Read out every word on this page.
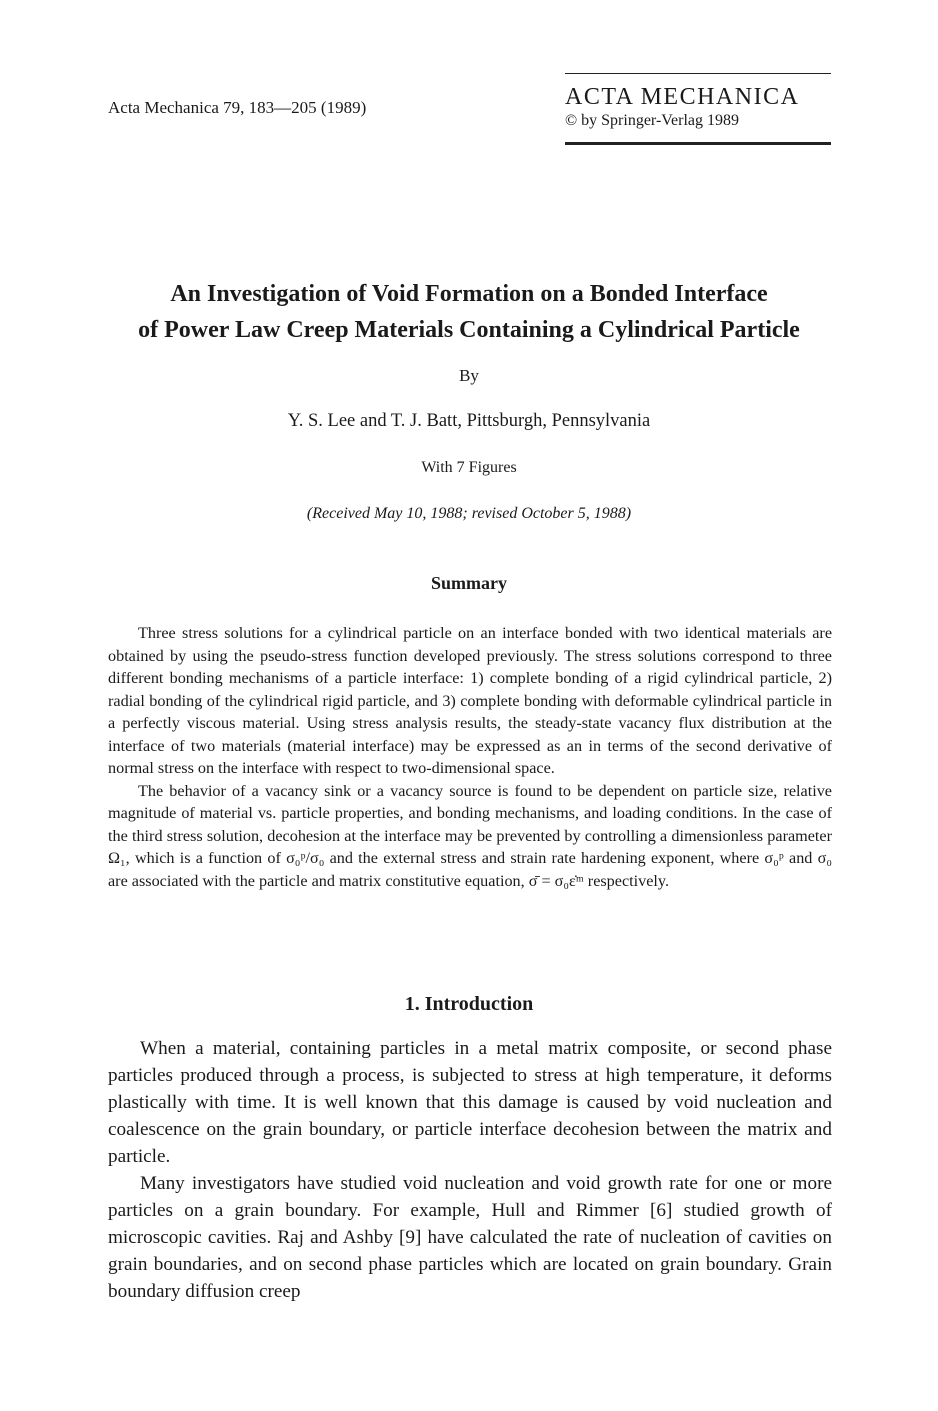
Acta Mechanica 79, 183—205 (1989)	ACTA MECHANICA
© by Springer-Verlag 1989
An Investigation of Void Formation on a Bonded Interface
of Power Law Creep Materials Containing a Cylindrical Particle
By
Y. S. Lee and T. J. Batt, Pittsburgh, Pennsylvania
With 7 Figures
(Received May 10, 1988; revised October 5, 1988)
Summary

Three stress solutions for a cylindrical particle on an interface bonded with two identical materials are obtained by using the pseudo-stress function developed previously. The stress solutions correspond to three different bonding mechanisms of a particle interface: 1) complete bonding of a rigid cylindrical particle, 2) radial bonding of the cylindrical rigid particle, and 3) complete bonding with deformable cylindrical particle in a perfectly viscous material. Using stress analysis results, the steady-state vacancy flux distribution at the interface of two materials (material interface) may be expressed as an in terms of the second derivative of normal stress on the interface with respect to two-dimensional space.

The behavior of a vacancy sink or a vacancy source is found to be dependent on particle size, relative magnitude of material vs. particle properties, and bonding mechanisms, and loading conditions. In the case of the third stress solution, decohesion at the interface may be prevented by controlling a dimensionless parameter Ω₁, which is a function of σ₀ᵖ/σ₀ and the external stress and strain rate hardening exponent, where σ₀ᵖ and σ₀ are associated with the particle and matrix constitutive equation, σ̄ = σ₀ε̇ᵐ respectively.

1. Introduction

When a material, containing particles in a metal matrix composite, or second phase particles produced through a process, is subjected to stress at high temperature, it deforms plastically with time. It is well known that this damage is caused by void nucleation and coalescence on the grain boundary, or particle interface decohesion between the matrix and particle.

Many investigators have studied void nucleation and void growth rate for one or more particles on a grain boundary. For example, Hull and Rimmer [6] studied growth of microscopic cavities. Raj and Ashby [9] have calculated the rate of nucleation of cavities on grain boundaries, and on second phase particles which are located on grain boundary. Grain boundary diffusion creep
